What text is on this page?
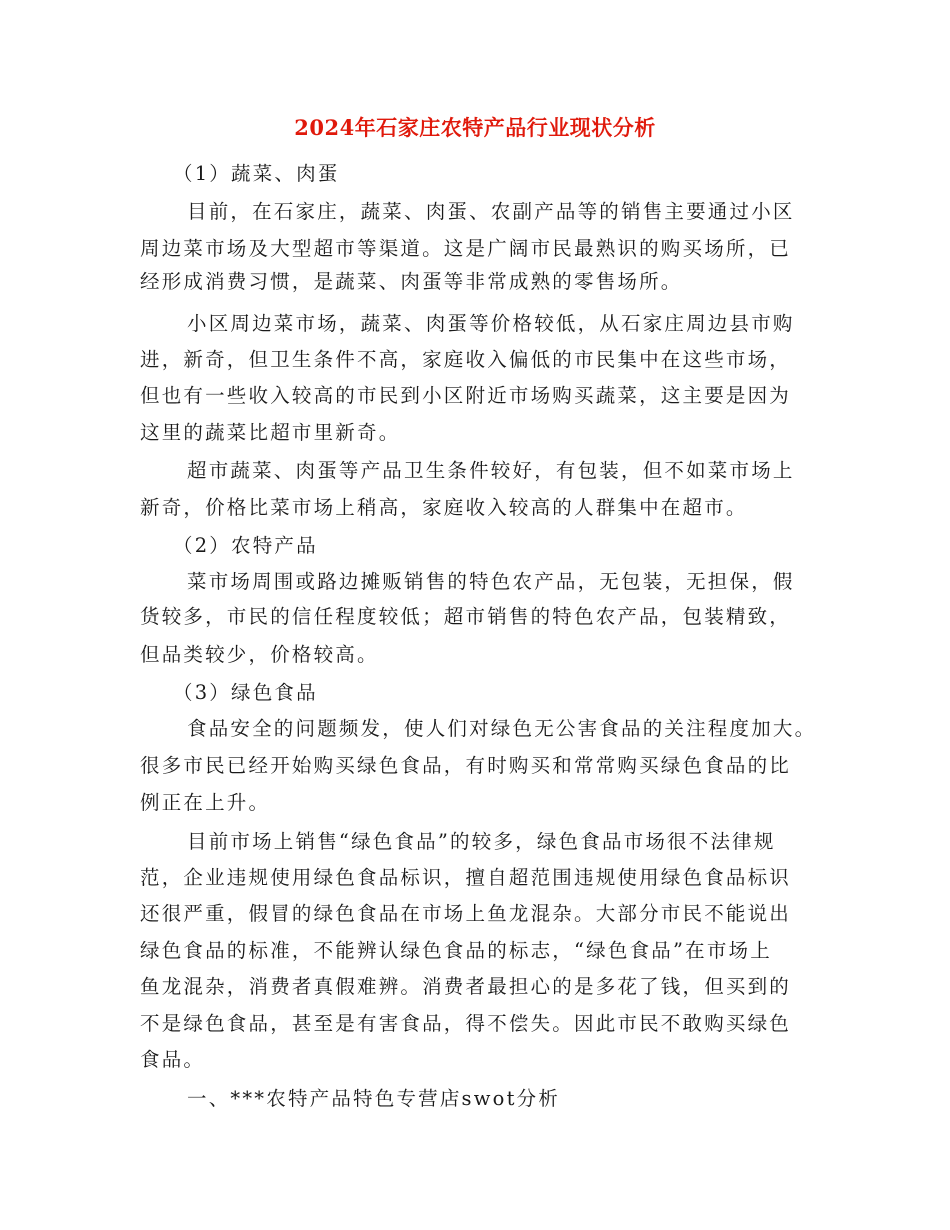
2024年石家庄农特产品行业现状分析
（1）蔬菜、肉蛋
目前，在石家庄，蔬菜、肉蛋、农副产品等的销售主要通过小区
周边菜市场及大型超市等渠道。这是广阔市民最熟识的购买场所，已
经形成消费习惯，是蔬菜、肉蛋等非常成熟的零售场所。
小区周边菜市场，蔬菜、肉蛋等价格较低，从石家庄周边县市购
进，新奇，但卫生条件不高，家庭收入偏低的市民集中在这些市场，
但也有一些收入较高的市民到小区附近市场购买蔬菜，这主要是因为
这里的蔬菜比超市里新奇。
超市蔬菜、肉蛋等产品卫生条件较好，有包装，但不如菜市场上
新奇，价格比菜市场上稍高，家庭收入较高的人群集中在超市。
（2）农特产品
菜市场周围或路边摊贩销售的特色农产品，无包装，无担保，假
货较多，市民的信任程度较低；超市销售的特色农产品，包装精致，
但品类较少，价格较高。
（3）绿色食品
食品安全的问题频发，使人们对绿色无公害食品的关注程度加大。
很多市民已经开始购买绿色食品，有时购买和常常购买绿色食品的比
例正在上升。
目前市场上销售“绿色食品”的较多，绿色食品市场很不法律规
范，企业违规使用绿色食品标识，擅自超范围违规使用绿色食品标识
还很严重，假冒的绿色食品在市场上鱼龙混杂。大部分市民不能说出
绿色食品的标准，不能辨认绿色食品的标志，“绿色食品”在市场上
鱼龙混杂，消费者真假难辨。消费者最担心的是多花了钱，但买到的
不是绿色食品，甚至是有害食品，得不偿失。因此市民不敢购买绿色
食品。
一、***农特产品特色专营店swot分析
